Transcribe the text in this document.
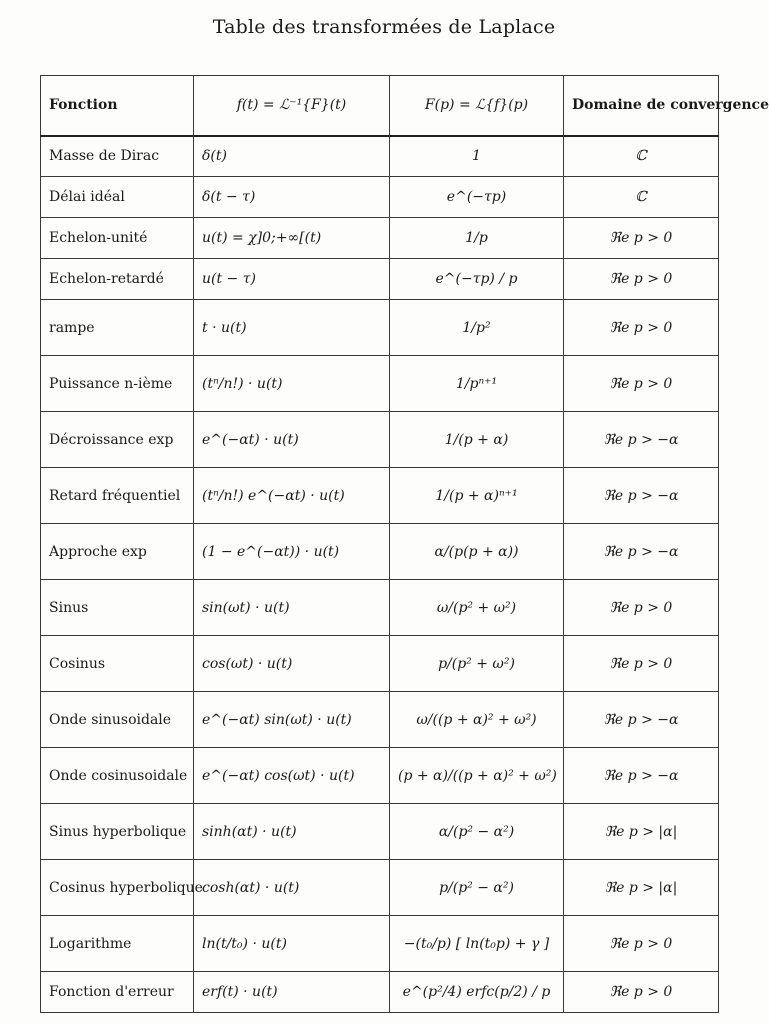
Table des transformées de Laplace
Fonction	f(t) = ℒ⁻¹{F}(t)	F(p) = ℒ{f}(p)	Domaine de convergence
Masse de Dirac	δ(t)	1	ℂ
Délai idéal	δ(t − τ)	e^(−τp)	ℂ
Echelon-unité	u(t) = χ]0;+∞[(t)	1/p	ℜe p > 0
Echelon-retardé	u(t − τ)	e^(−τp) / p	ℜe p > 0
rampe	t · u(t)	1/p²	ℜe p > 0
Puissance n-ième	(tⁿ/n!) · u(t)	1/pⁿ⁺¹	ℜe p > 0
Décroissance exp	e^(−αt) · u(t)	1/(p + α)	ℜe p > −α
Retard fréquentiel	(tⁿ/n!) e^(−αt) · u(t)	1/(p + α)ⁿ⁺¹	ℜe p > −α
Approche exp	(1 − e^(−αt)) · u(t)	α/(p(p + α))	ℜe p > −α
Sinus	sin(ωt) · u(t)	ω/(p² + ω²)	ℜe p > 0
Cosinus	cos(ωt) · u(t)	p/(p² + ω²)	ℜe p > 0
Onde sinusoidale	e^(−αt) sin(ωt) · u(t)	ω/((p + α)² + ω²)	ℜe p > −α
Onde cosinusoidale	e^(−αt) cos(ωt) · u(t)	(p + α)/((p + α)² + ω²)	ℜe p > −α
Sinus hyperbolique	sinh(αt) · u(t)	α/(p² − α²)	ℜe p > |α|
Cosinus hyperbolique	cosh(αt) · u(t)	p/(p² − α²)	ℜe p > |α|
Logarithme	ln(t/t₀) · u(t)	−(t₀/p) [ ln(t₀p) + γ ]	ℜe p > 0
Fonction d'erreur	erf(t) · u(t)	e^(p²/4) erfc(p/2) / p	ℜe p > 0
